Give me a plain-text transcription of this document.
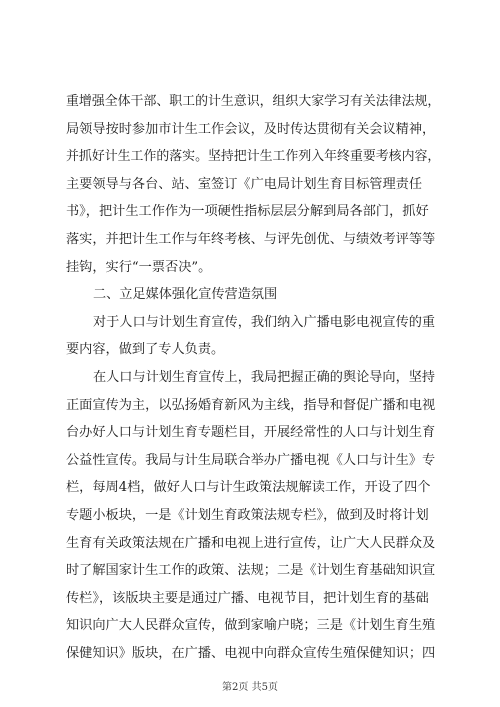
重增强全体干部、职工的计生意识，组织大家学习有关法律法规，
局领导按时参加市计生工作会议，及时传达贯彻有关会议精神，
并抓好计生工作的落实。坚持把计生工作列入年终重要考核内容，
主要领导与各台、站、室签订《广电局计划生育目标管理责任
书》，把计生工作作为一项硬性指标层层分解到局各部门，抓好
落实，并把计生工作与年终考核、与评先创优、与绩效考评等等
挂钩，实行“一票否决”。
二、立足媒体强化宣传营造氛围
对于人口与计划生育宣传，我们纳入广播电影电视宣传的重
要内容，做到了专人负责。
在人口与计划生育宣传上，我局把握正确的舆论导向，坚持
正面宣传为主，以弘扬婚育新风为主线，指导和督促广播和电视
台办好人口与计划生育专题栏目，开展经常性的人口与计划生育
公益性宣传。我局与计生局联合举办广播电视《人口与计生》专
栏，每周4档，做好人口与计生政策法规解读工作，开设了四个
专题小板块，一是《计划生育政策法规专栏》，做到及时将计划
生育有关政策法规在广播和电视上进行宣传，让广大人民群众及
时了解国家计生工作的政策、法规；二是《计划生育基础知识宣
传栏》，该版块主要是通过广播、电视节目，把计划生育的基础
知识向广大人民群众宣传，做到家喻户晓；三是《计划生育生殖
保健知识》版块，在广播、电视中向群众宣传生殖保健知识；四
第2页 共5页
